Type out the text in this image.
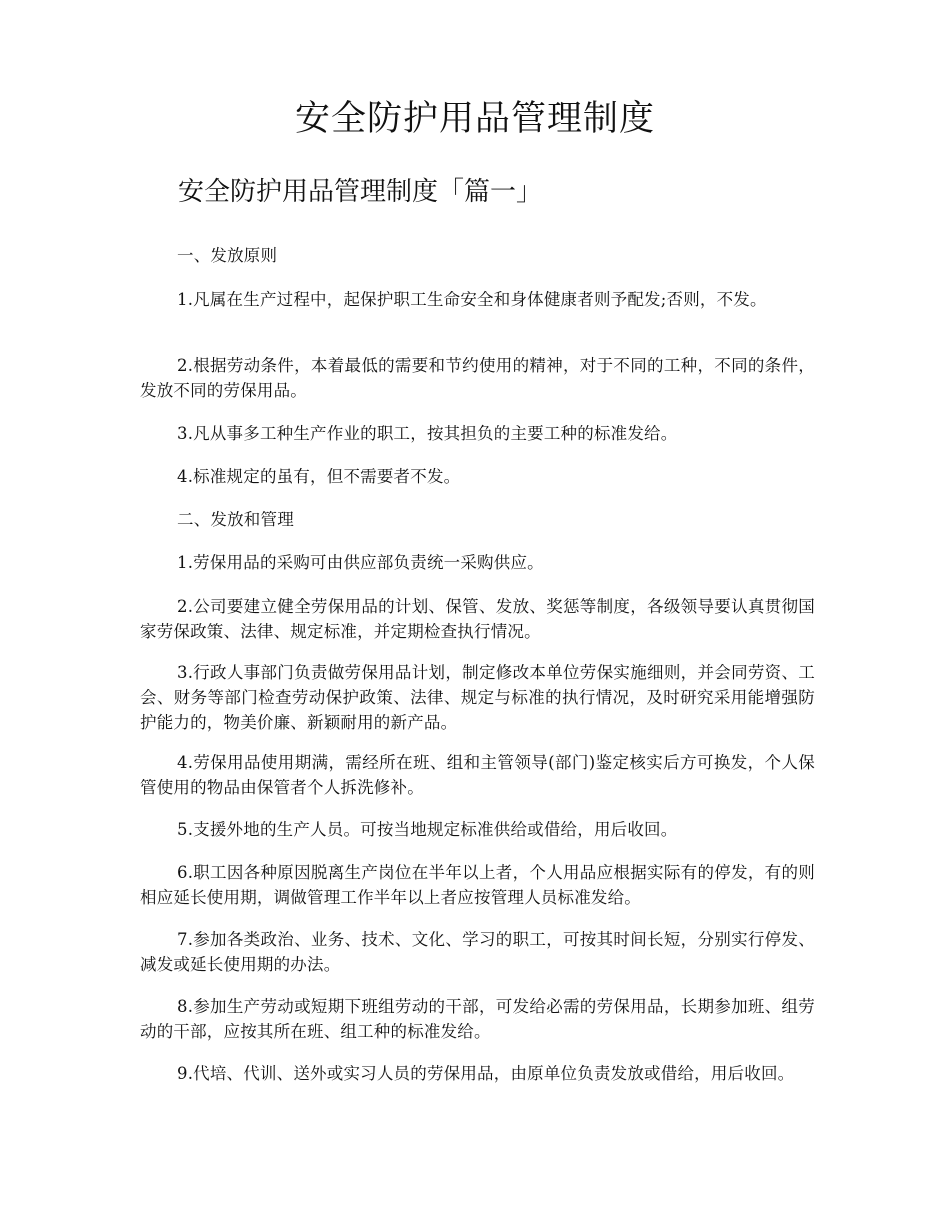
安全防护用品管理制度
安全防护用品管理制度「篇一」

一、发放原则

1.凡属在生产过程中，起保护职工生命安全和身体健康者则予配发;否则，不发。

2.根据劳动条件，本着最低的需要和节约使用的精神，对于不同的工种，不同的条件，发放不同的劳保用品。

3.凡从事多工种生产作业的职工，按其担负的主要工种的标准发给。

4.标准规定的虽有，但不需要者不发。

二、发放和管理

1.劳保用品的采购可由供应部负责统一采购供应。

2.公司要建立健全劳保用品的计划、保管、发放、奖惩等制度，各级领导要认真贯彻国家劳保政策、法律、规定标准，并定期检查执行情况。

3.行政人事部门负责做劳保用品计划，制定修改本单位劳保实施细则，并会同劳资、工会、财务等部门检查劳动保护政策、法律、规定与标准的执行情况，及时研究采用能增强防护能力的，物美价廉、新颖耐用的新产品。

4.劳保用品使用期满，需经所在班、组和主管领导(部门)鉴定核实后方可换发，个人保管使用的物品由保管者个人拆洗修补。

5.支援外地的生产人员。可按当地规定标准供给或借给，用后收回。

6.职工因各种原因脱离生产岗位在半年以上者，个人用品应根据实际有的停发，有的则相应延长使用期，调做管理工作半年以上者应按管理人员标准发给。

7.参加各类政治、业务、技术、文化、学习的职工，可按其时间长短，分别实行停发、减发或延长使用期的办法。

8.参加生产劳动或短期下班组劳动的干部，可发给必需的劳保用品，长期参加班、组劳动的干部，应按其所在班、组工种的标准发给。

9.代培、代训、送外或实习人员的劳保用品，由原单位负责发放或借给，用后收回。
